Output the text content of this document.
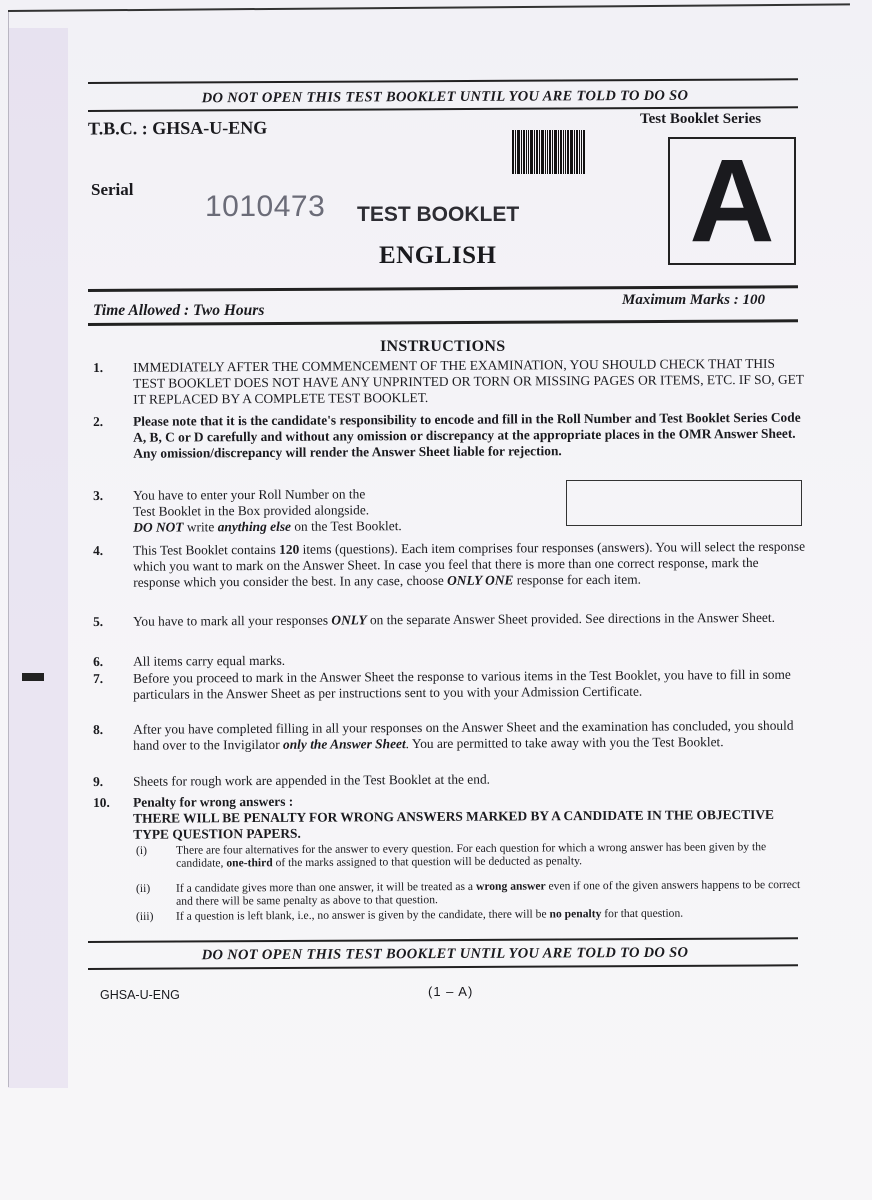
DO NOT OPEN THIS TEST BOOKLET UNTIL YOU ARE TOLD TO DO SO
T.B.C. : GHSA-U-ENG	Test Booklet Series
A
Serial
1010473 TEST BOOKLET
ENGLISH
Time Allowed : Two Hours
Maximum Marks : 100
INSTRUCTIONS
1.	IMMEDIATELY AFTER THE COMMENCEMENT OF THE EXAMINATION, YOU SHOULD CHECK THAT THIS TEST BOOKLET DOES NOT HAVE ANY UNPRINTED OR TORN OR MISSING PAGES OR ITEMS, ETC. IF SO, GET IT REPLACED BY A COMPLETE TEST BOOKLET.
2.	Please note that it is the candidate's responsibility to encode and fill in the Roll Number and Test Booklet Series Code A, B, C or D carefully and without any omission or discrepancy at the appropriate places in the OMR Answer Sheet. Any omission/discrepancy will render the Answer Sheet liable for rejection.
3.	You have to enter your Roll Number on the
Test Booklet in the Box provided alongside.
DO NOT write anything else on the Test Booklet.
4.	This Test Booklet contains 120 items (questions). Each item comprises four responses (answers). You will select the response which you want to mark on the Answer Sheet. In case you feel that there is more than one correct response, mark the response which you consider the best. In any case, choose ONLY ONE response for each item.
5.	You have to mark all your responses ONLY on the separate Answer Sheet provided. See directions in the Answer Sheet.
6.	All items carry equal marks.
7.	Before you proceed to mark in the Answer Sheet the response to various items in the Test Booklet, you have to fill in some particulars in the Answer Sheet as per instructions sent to you with your Admission Certificate.
8.	After you have completed filling in all your responses on the Answer Sheet and the examination has concluded, you should hand over to the Invigilator only the Answer Sheet. You are permitted to take away with you the Test Booklet.
9.	Sheets for rough work are appended in the Test Booklet at the end.
10.	Penalty for wrong answers :
THERE WILL BE PENALTY FOR WRONG ANSWERS MARKED BY A CANDIDATE IN THE OBJECTIVE TYPE QUESTION PAPERS.
(i)	There are four alternatives for the answer to every question. For each question for which a wrong answer has been given by the candidate, one-third of the marks assigned to that question will be deducted as penalty.
(ii)	If a candidate gives more than one answer, it will be treated as a wrong answer even if one of the given answers happens to be correct and there will be same penalty as above to that question.
(iii)	If a question is left blank, i.e., no answer is given by the candidate, there will be no penalty for that question.
DO NOT OPEN THIS TEST BOOKLET UNTIL YOU ARE TOLD TO DO SO
GHSA-U-ENG	(1 – A)
